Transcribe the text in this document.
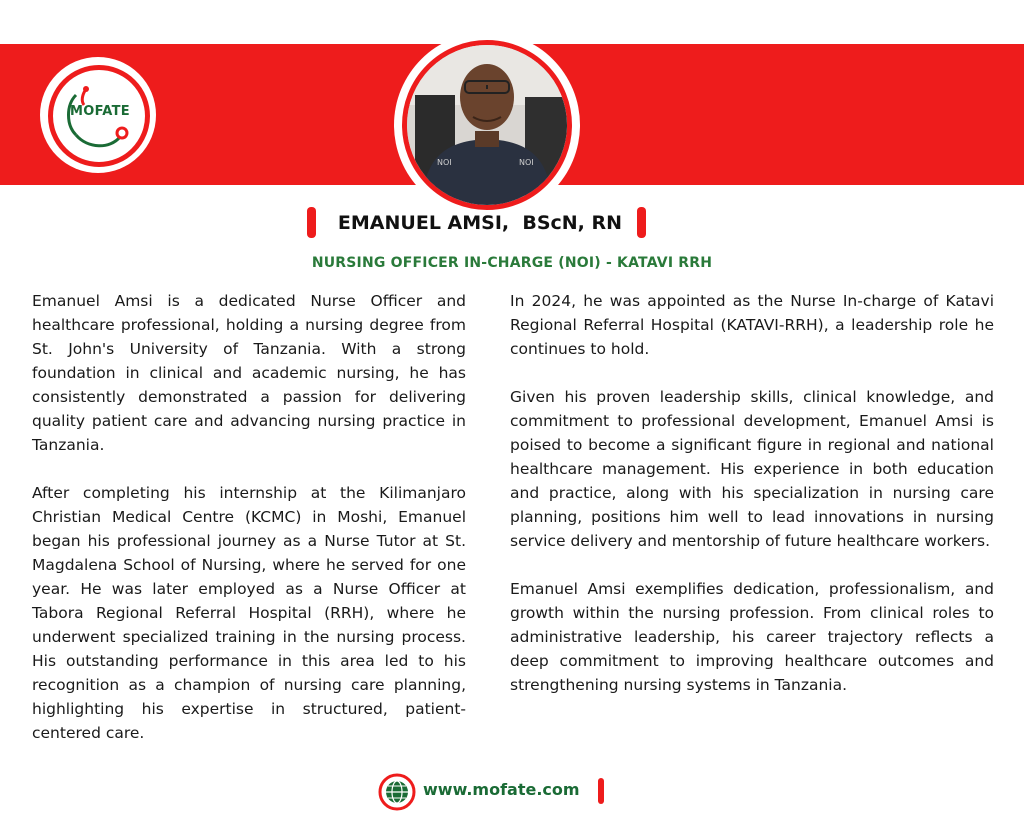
MOFATE
NOI	NOI
EMANUEL AMSI,  BScN, RN
NURSING OFFICER IN-CHARGE (NOI) - KATAVI RRH

Emanuel Amsi is a dedicated Nurse Officer and healthcare professional, holding a nursing degree from St. John's University of Tanzania. With a strong foundation in clinical and academic nursing, he has consistently demonstrated a passion for delivering quality patient care and advancing nursing practice in Tanzania.

After completing his internship at the Kilimanjaro Christian Medical Centre (KCMC) in Moshi, Emanuel began his professional journey as a Nurse Tutor at St. Magdalena School of Nursing, where he served for one year. He was later employed as a Nurse Officer at Tabora Regional Referral Hospital (RRH), where he underwent specialized training in the nursing process. His outstanding performance in this area led to his recognition as a champion of nursing care planning, highlighting his expertise in structured, patient-centered care.

In 2024, he was appointed as the Nurse In-charge of Katavi Regional Referral Hospital (KATAVI-RRH), a leadership role he continues to hold.

Given his proven leadership skills, clinical knowledge, and commitment to professional development, Emanuel Amsi is poised to become a significant figure in regional and national healthcare management. His experience in both education and practice, along with his specialization in nursing care planning, positions him well to lead innovations in nursing service delivery and mentorship of future healthcare workers.

Emanuel Amsi exemplifies dedication, professionalism, and growth within the nursing profession. From clinical roles to administrative leadership, his career trajectory reflects a deep commitment to improving healthcare outcomes and strengthening nursing systems in Tanzania.

www.mofate.com
